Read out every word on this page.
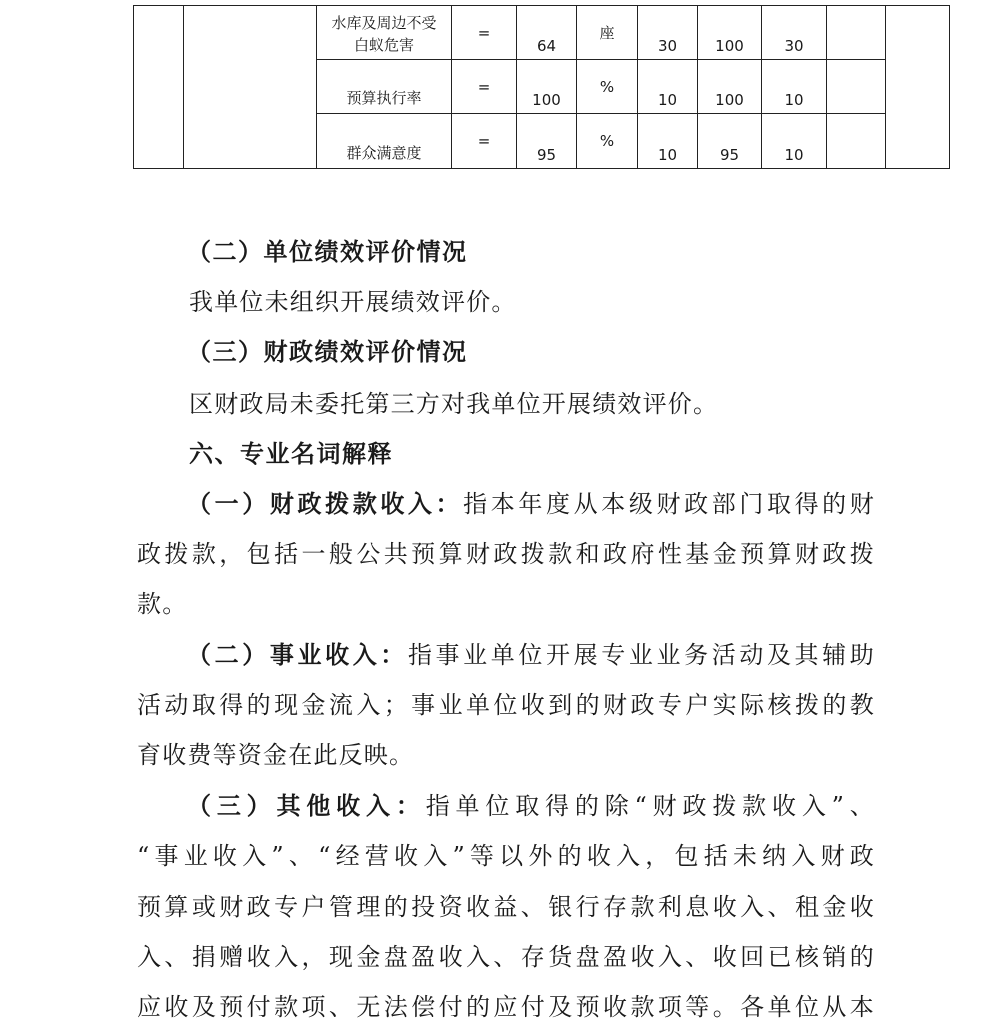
		水库及周边不受白蚁危害	=	64	座	30	100	30		
		预算执行率	=	100	%	10	100	10		
		群众满意度	=	95	%	10	95	10		
（二）单位绩效评价情况
我单位未组织开展绩效评价。
（三）财政绩效评价情况
区财政局未委托第三方对我单位开展绩效评价。
六、专业名词解释
（一）财政拨款收入：指本年度从本级财政部门取得的财
政拨款，包括一般公共预算财政拨款和政府性基金预算财政拨
款。
（二）事业收入：指事业单位开展专业业务活动及其辅助
活动取得的现金流入；事业单位收到的财政专户实际核拨的教
育收费等资金在此反映。
（三）其他收入：指单位取得的除“财政拨款收入”、
“事业收入”、“经营收入”等以外的收入，包括未纳入财政
预算或财政专户管理的投资收益、银行存款利息收入、租金收
入、捐赠收入，现金盘盈收入、存货盘盈收入、收回已核销的
应收及预付款项、无法偿付的应付及预收款项等。各单位从本
